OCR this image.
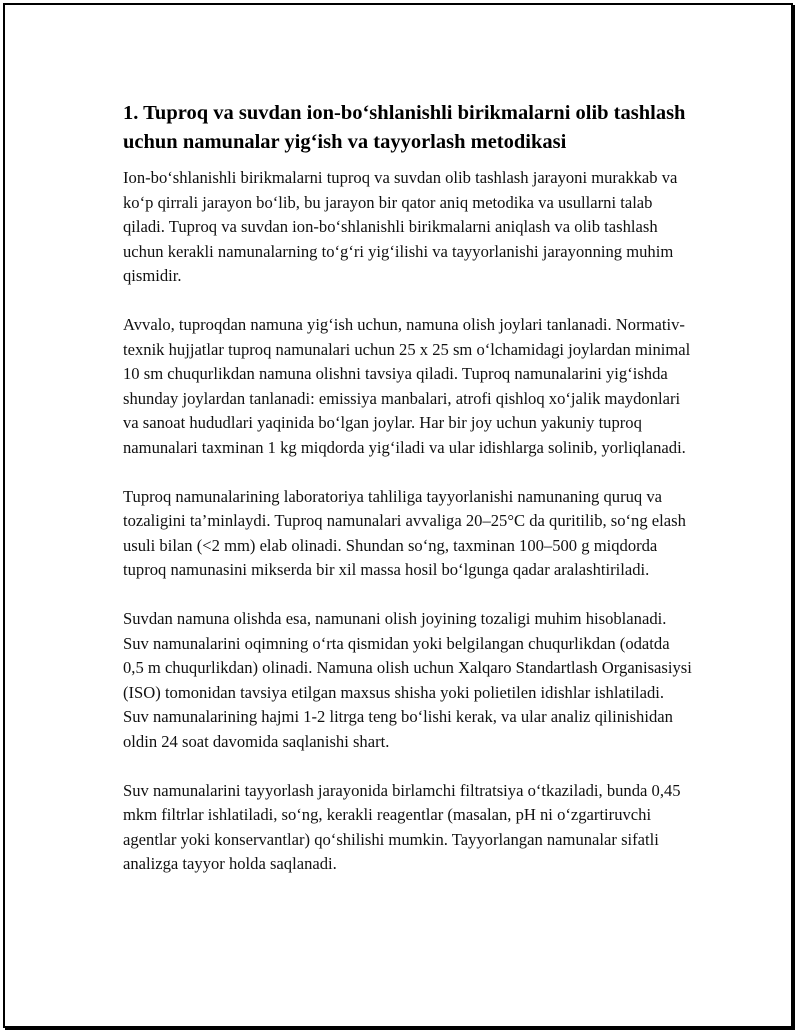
1. Tuproq va suvdan ion-bo‘shlanishli birikmalarni olib tashlash uchun namunalar yig‘ish va tayyorlash metodikasi

Ion-bo‘shlanishli birikmalarni tuproq va suvdan olib tashlash jarayoni murakkab va ko‘p qirrali jarayon bo‘lib, bu jarayon bir qator aniq metodika va usullarni talab qiladi. Tuproq va suvdan ion-bo‘shlanishli birikmalarni aniqlash va olib tashlash uchun kerakli namunalarning to‘g‘ri yig‘ilishi va tayyorlanishi jarayonning muhim qismidir.

Avvalo, tuproqdan namuna yig‘ish uchun, namuna olish joylari tanlanadi. Normativ-texnik hujjatlar tuproq namunalari uchun 25 x 25 sm o‘lchamidagi joylardan minimal 10 sm chuqurlikdan namuna olishni tavsiya qiladi. Tuproq namunalarini yig‘ishda shunday joylardan tanlanadi: emissiya manbalari, atrofi qishloq xo‘jalik maydonlari va sanoat hududlari yaqinida bo‘lgan joylar. Har bir joy uchun yakuniy tuproq namunalari taxminan 1 kg miqdorda yig‘iladi va ular idishlarga solinib, yorliqlanadi.

Tuproq namunalarining laboratoriya tahliliga tayyorlanishi namunaning quruq va tozaligini ta’minlaydi. Tuproq namunalari avvaliga 20–25°C da quritilib, so‘ng elash usuli bilan (<2 mm) elab olinadi. Shundan so‘ng, taxminan 100–500 g miqdorda tuproq namunasini mikserda bir xil massa hosil bo‘lgunga qadar aralashtiriladi.

Suvdan namuna olishda esa, namunani olish joyining tozaligi muhim hisoblanadi. Suv namunalarini oqimning o‘rta qismidan yoki belgilangan chuqurlikdan (odatda 0,5 m chuqurlikdan) olinadi. Namuna olish uchun Xalqaro Standartlash Organisasiysi (ISO) tomonidan tavsiya etilgan maxsus shisha yoki polietilen idishlar ishlatiladi. Suv namunalarining hajmi 1-2 litrga teng bo‘lishi kerak, va ular analiz qilinishidan oldin 24 soat davomida saqlanishi shart.

Suv namunalarini tayyorlash jarayonida birlamchi filtratsiya o‘tkaziladi, bunda 0,45 mkm filtrlar ishlatiladi, so‘ng, kerakli reagentlar (masalan, pH ni o‘zgartiruvchi agentlar yoki konservantlar) qo‘shilishi mumkin. Tayyorlangan namunalar sifatli analizga tayyor holda saqlanadi.
